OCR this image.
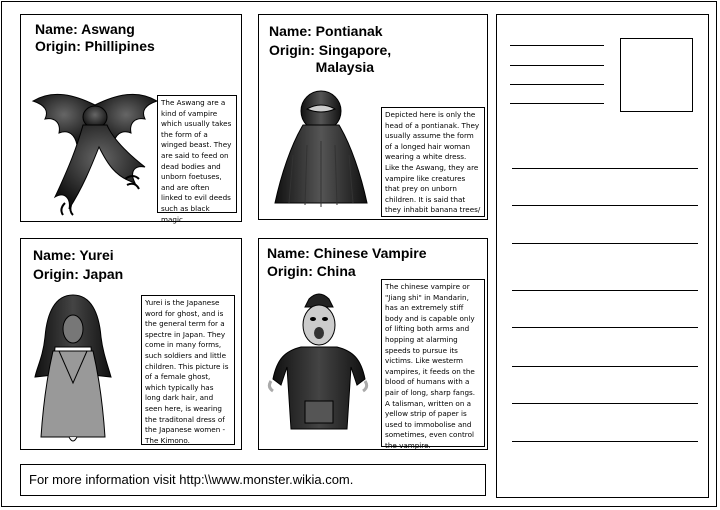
Name: Aswang
Origin: Phillipines
The Aswang are a kind of vampire which usually takes the form of a winged beast. They are said to feed on dead bodies and unborn foetuses, and are often linked to evil deeds such as black magic.
Name: Pontianak
Origin: Singapore,
Malaysia
Depicted here is only the head of a pontianak. They usually assume the form of a longed hair woman wearing a white dress. Like the Aswang, they are vampire like creatures that prey on unborn children. It is said that they inhabit banana trees/
Name: Yurei
Origin: Japan
Yurei is the Japanese word for ghost, and is the general term for a spectre in Japan. They come in many forms, such soldiers and little children. This picture is of a female ghost, which typically has long dark hair, and seen here, is wearing the traditonal dress of the Japanese women - The Kimono.
Name: Chinese Vampire
Origin: China
The chinese vampire or "Jiang shi" in Mandarin, has an extremely stiff body and is capable only of lifting both arms and hopping at alarming speeds to pursue its victims. Like westerm vampires, it feeds on the blood of humans with a pair of long, sharp fangs. A talisman, written on a yellow strip of paper is used to immobolise and sometimes, even control the vampire.
For more information visit http:\\www.monster.wikia.com.
